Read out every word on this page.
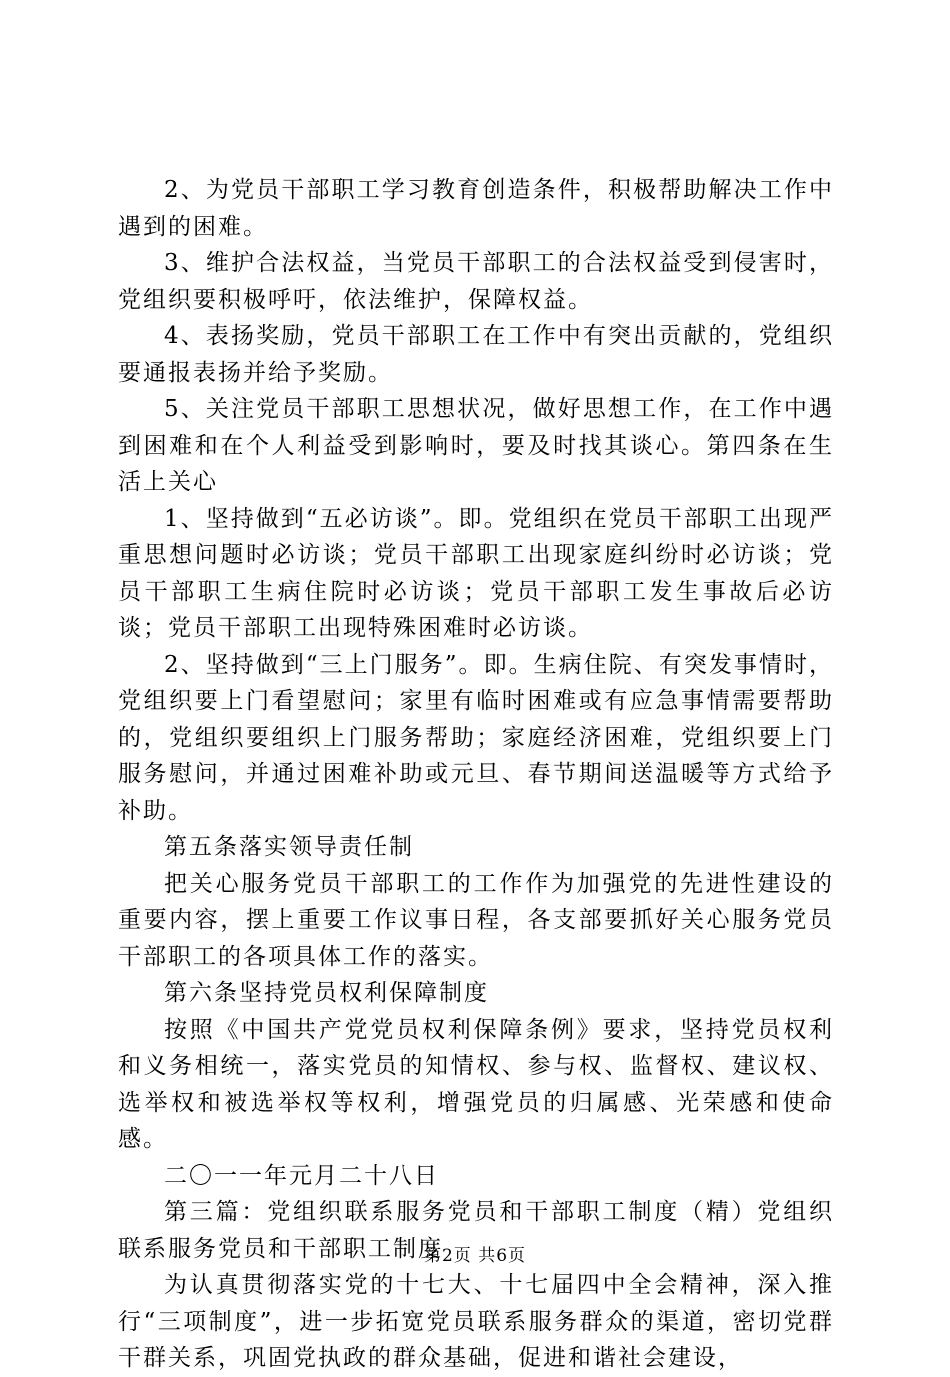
2、为党员干部职工学习教育创造条件，积极帮助解决工作中遇到的困难。

3、维护合法权益，当党员干部职工的合法权益受到侵害时，党组织要积极呼吁，依法维护，保障权益。

4、表扬奖励，党员干部职工在工作中有突出贡献的，党组织要通报表扬并给予奖励。

5、关注党员干部职工思想状况，做好思想工作，在工作中遇到困难和在个人利益受到影响时，要及时找其谈心。第四条在生活上关心

1、坚持做到“五必访谈”。即。党组织在党员干部职工出现严重思想问题时必访谈；党员干部职工出现家庭纠纷时必访谈；党员干部职工生病住院时必访谈；党员干部职工发生事故后必访谈；党员干部职工出现特殊困难时必访谈。

2、坚持做到“三上门服务”。即。生病住院、有突发事情时，党组织要上门看望慰问；家里有临时困难或有应急事情需要帮助的，党组织要组织上门服务帮助；家庭经济困难，党组织要上门服务慰问，并通过困难补助或元旦、春节期间送温暖等方式给予补助。

第五条落实领导责任制

把关心服务党员干部职工的工作作为加强党的先进性建设的重要内容，摆上重要工作议事日程，各支部要抓好关心服务党员干部职工的各项具体工作的落实。

第六条坚持党员权利保障制度

按照《中国共产党党员权利保障条例》要求，坚持党员权利和义务相统一，落实党员的知情权、参与权、监督权、建议权、选举权和被选举权等权利，增强党员的归属感、光荣感和使命感。

二〇一一年元月二十八日

第三篇：党组织联系服务党员和干部职工制度（精）党组织联系服务党员和干部职工制度

为认真贯彻落实党的十七大、十七届四中全会精神，深入推行“三项制度”，进一步拓宽党员联系服务群众的渠道，密切党群干群关系，巩固党执政的群众基础，促进和谐社会建设，

第2页 共6页
